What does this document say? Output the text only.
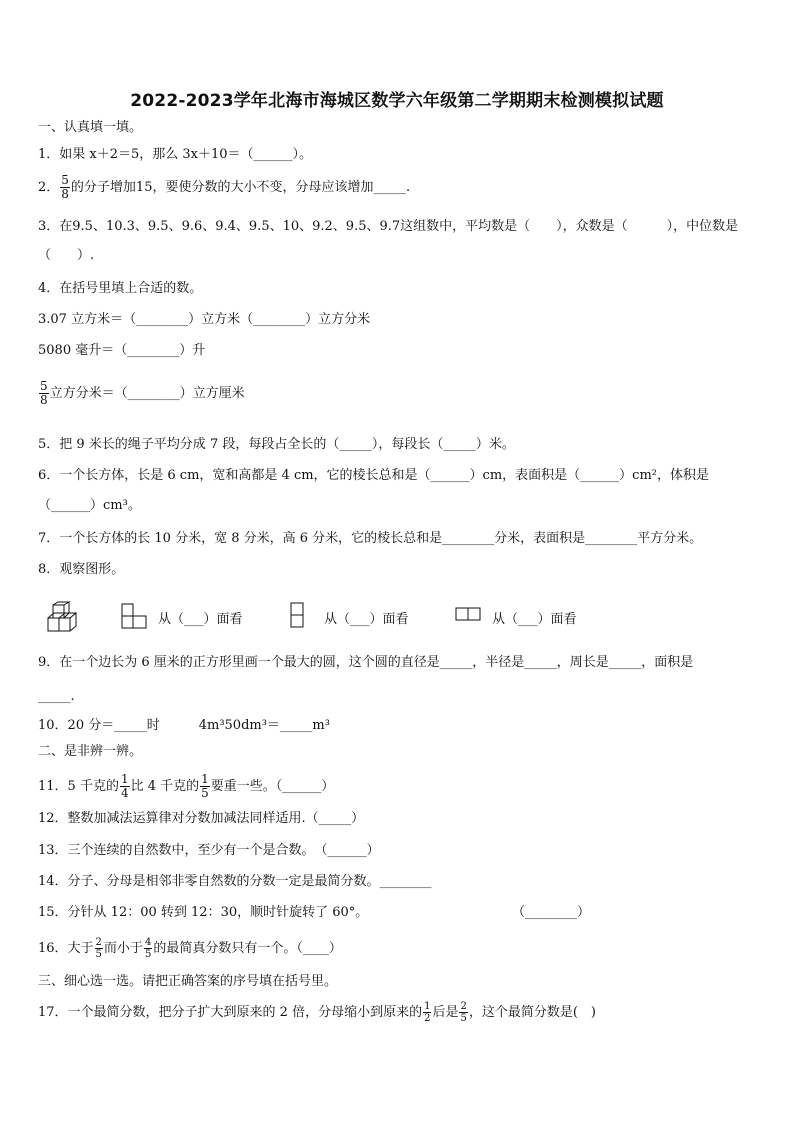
2022-2023学年北海市海城区数学六年级第二学期期末检测模拟试题
一、认真填一填。
1．如果 x＋2＝5，那么 3x＋10＝（______）。
2． $\frac{5}{8}$ 的分子增加15，要使分数的大小不变，分母应该增加_____.
3．在9.5、10.3、9.5、9.6、9.4、9.5、10、9.2、9.5、9.7这组数中，平均数是（　　），众数是（　　　），中位数是
（　　）.
4．在括号里填上合适的数。
3.07 立方米＝（________）立方米（________）立方分米
5080 毫升＝（________）升
$\frac{5}{8}$ 立方分米＝（________）立方厘米
5．把 9 米长的绳子平均分成 7 段，每段占全长的（_____），每段长（_____）米。
6．一个长方体，长是 6 cm，宽和高都是 4 cm，它的棱长总和是（______）cm，表面积是（______）cm²，体积是
（______）cm³。
7．一个长方体的长 10 分米，宽 8 分米，高 6 分米，它的棱长总和是________分米，表面积是________平方分米。
8．观察图形。
从（___）面看	从（___）面看	从（___）面看
9．在一个边长为 6 厘米的正方形里画一个最大的圆，这个圆的直径是_____，半径是_____，周长是_____，面积是
_____.
10．20 分＝_____时　　　4m³50dm³＝_____m³
二、是非辨一辨。
11．5 千克的 $\frac{1}{4}$ 比 4 千克的 $\frac{1}{5}$ 要重一些。（______）
12．整数加减法运算律对分数加减法同样适用.（_____）
13．三个连续的自然数中，至少有一个是合数。　（______）
14．分子、分母是相邻非零自然数的分数一定是最简分数。________
15．分针从 12：00 转到 12：30，顺时针旋转了 60°。	（________）
16．大于 $\frac{2}{5}$ 而小于 $\frac{4}{5}$ 的最简真分数只有一个。（____）
三、细心选一选。请把正确答案的序号填在括号里。
17．一个最简分数，把分子扩大到原来的 2 倍，分母缩小到原来的 $\frac{1}{2}$ 后是 $\frac{2}{5}$ ，这个最简分数是(　)
